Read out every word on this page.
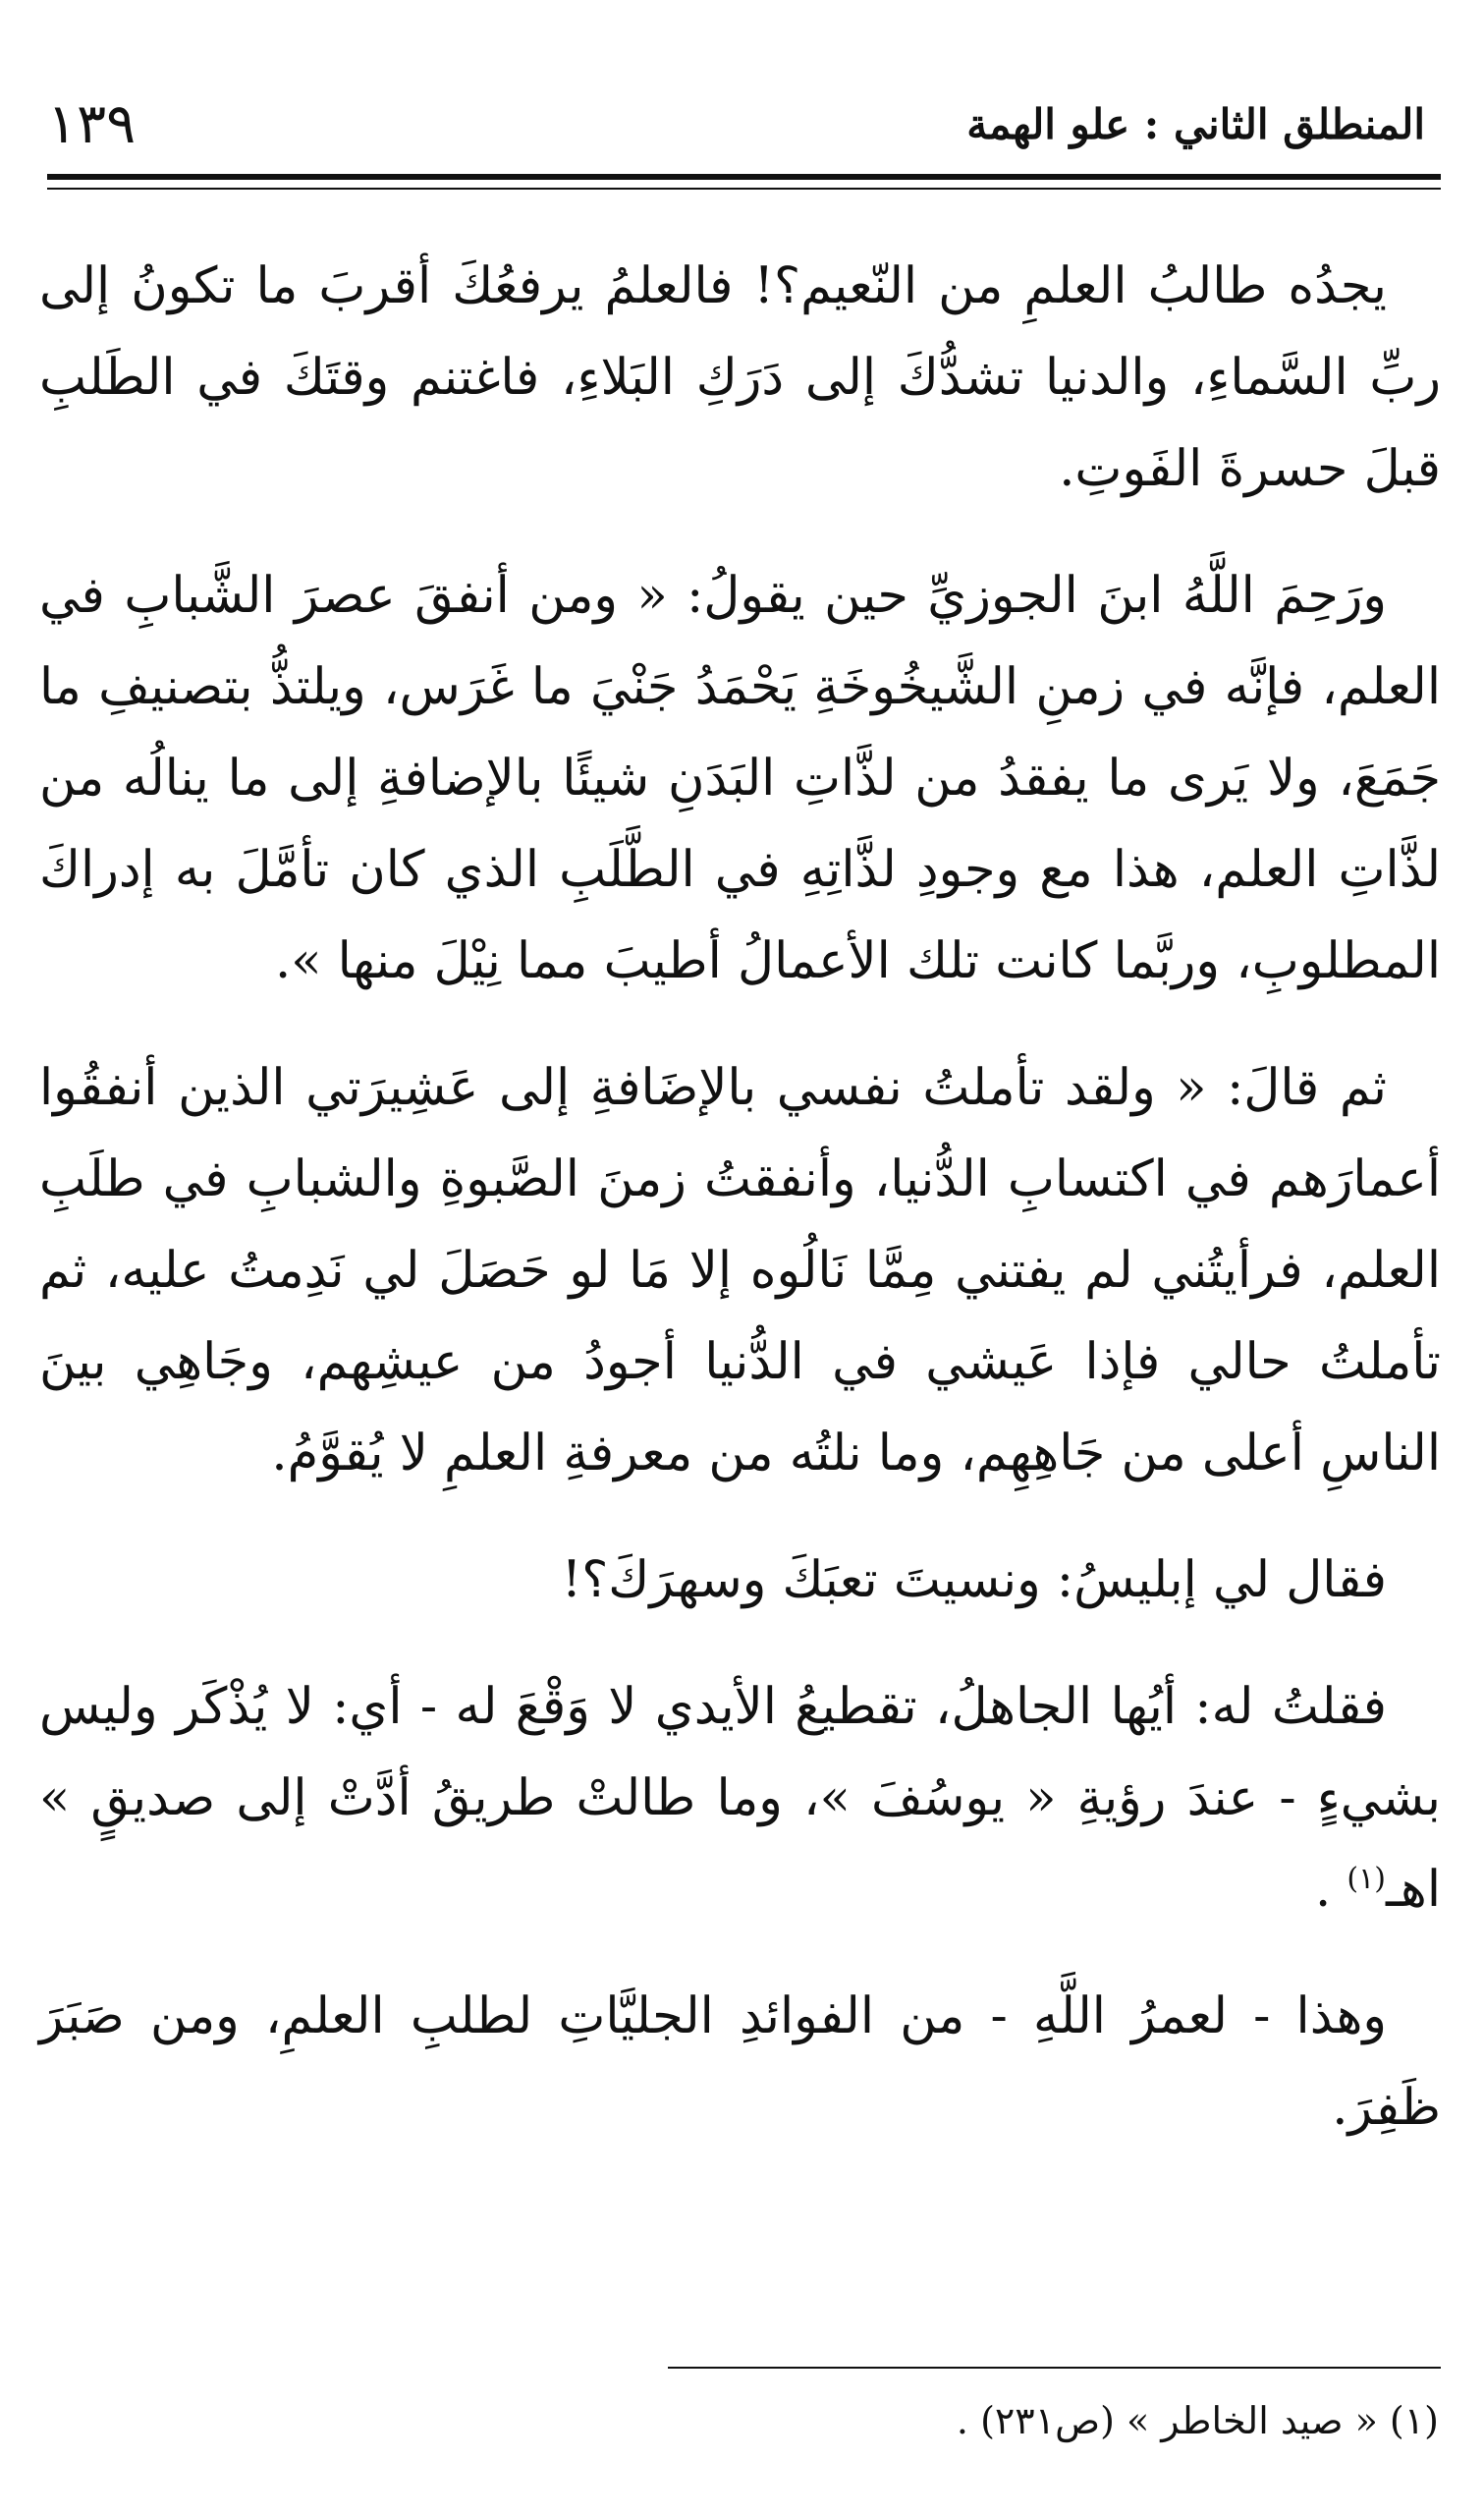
١٣٩	المنطلق الثاني : علو الهمة

يجدُه طالبُ العلمِ من النّعيم؟! فالعلمُ يرفعُكَ أقربَ ما تكونُ إلى ربِّ السَّماءِ، والدنيا تشدُّكَ إلى دَرَكِ البَلاءِ، فاغتنم وقتَكَ في الطَلبِ قبلَ حسرةَ الفَوتِ.

ورَحِمَ اللَّهُ ابنَ الجوزيِّ حين يقولُ: « ومن أنفقَ عصرَ الشَّبابِ في العلم، فإنَّه في زمنِ الشَّيخُوخَةِ يَحْمَدُ جَنْيَ ما غَرَس، ويلتذُّ بتصنيفِ ما جَمَعَ، ولا يَرى ما يفقدُ من لذَّاتِ البَدَنِ شيئًا بالإضافةِ إلى ما ينالُه من لذَّاتِ العلم، هذا مع وجودِ لذَّاتِهِ في الطَّلَبِ الذي كان تأمَّلَ به إدراكَ المطلوبِ، وربَّما كانت تلك الأعمالُ أطيبَ مما نِيْلَ منها ».

ثم قالَ: « ولقد تأملتُ نفسي بالإضَافةِ إلى عَشِيرَتي الذين أنفقُوا أعمارَهم في اكتسابِ الدُّنيا، وأنفقتُ زمنَ الصَّبوةِ والشبابِ في طلَبِ العلم، فرأيتُني لم يفتني مِمَّا نَالُوه إلا مَا لو حَصَلَ لي نَدِمتُ عليه، ثم تأملتُ حالي فإذا عَيشي في الدُّنيا أجودُ من عيشِهم، وجَاهِي بينَ الناسِ أعلى من جَاهِهِم، وما نلتُه من معرفةِ العلمِ لا يُقوَّمُ.

فقال لي إبليسُ: ونسيتَ تعبَكَ وسهرَكَ؟!

فقلتُ له: أيُها الجاهلُ، تقطيعُ الأيدي لا وَقْعَ له - أي: لا يُذْكَر وليس بشيءٍ - عندَ رؤيةِ « يوسُفَ »، وما طالتْ طريقُ أدَّتْ إلى صديقٍ » اهـ$^{(١)}$ .

وهذا - لعمرُ اللَّهِ - من الفوائدِ الجليَّاتِ لطلبِ العلمِ، ومن صَبَرَ ظَفِرَ.

(١) « صيد الخاطر » (ص٢٣١) .
